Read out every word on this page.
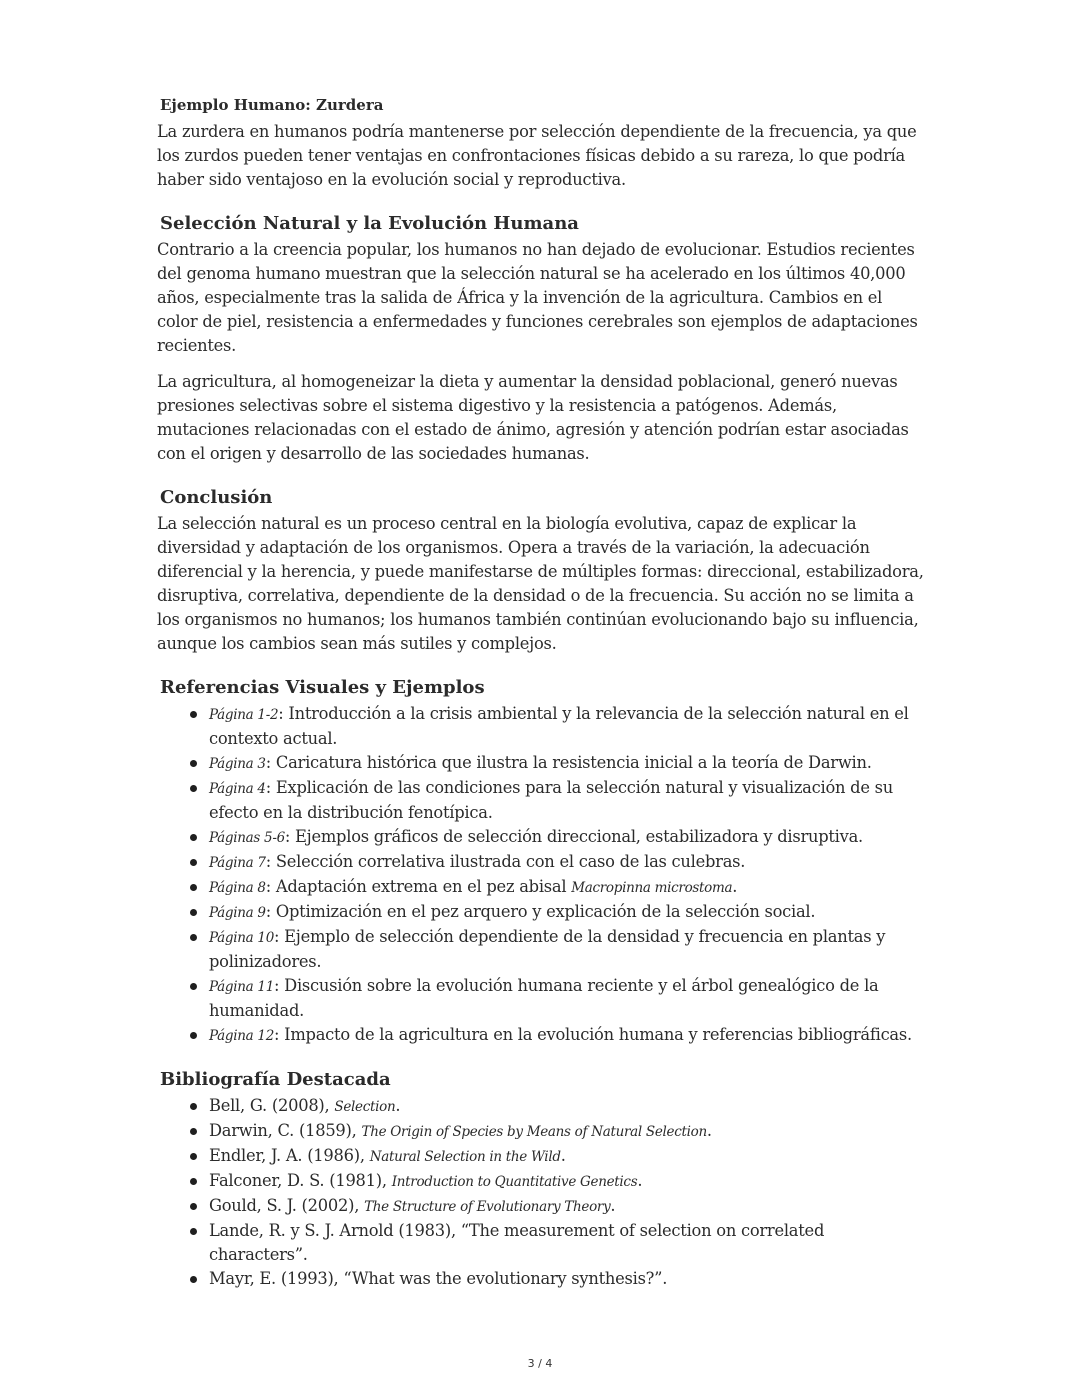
Ejemplo Humano: Zurdera

La zurdera en humanos podría mantenerse por selección dependiente de la frecuencia, ya que los zurdos pueden tener ventajas en confrontaciones físicas debido a su rareza, lo que podría haber sido ventajoso en la evolución social y reproductiva.

Selección Natural y la Evolución Humana

Contrario a la creencia popular, los humanos no han dejado de evolucionar. Estudios recientes del genoma humano muestran que la selección natural se ha acelerado en los últimos 40,000 años, especialmente tras la salida de África y la invención de la agricultura. Cambios en el color de piel, resistencia a enfermedades y funciones cerebrales son ejemplos de adaptaciones recientes.

La agricultura, al homogeneizar la dieta y aumentar la densidad poblacional, generó nuevas presiones selectivas sobre el sistema digestivo y la resistencia a patógenos. Además, mutaciones relacionadas con el estado de ánimo, agresión y atención podrían estar asociadas con el origen y desarrollo de las sociedades humanas.

Conclusión

La selección natural es un proceso central en la biología evolutiva, capaz de explicar la diversidad y adaptación de los organismos. Opera a través de la variación, la adecuación diferencial y la herencia, y puede manifestarse de múltiples formas: direccional, estabilizadora, disruptiva, correlativa, dependiente de la densidad o de la frecuencia. Su acción no se limita a los organismos no humanos; los humanos también continúan evolucionando bajo su influencia, aunque los cambios sean más sutiles y complejos.

Referencias Visuales y Ejemplos
Página 1-2: Introducción a la crisis ambiental y la relevancia de la selección natural en el contexto actual.
Página 3: Caricatura histórica que ilustra la resistencia inicial a la teoría de Darwin.
Página 4: Explicación de las condiciones para la selección natural y visualización de su efecto en la distribución fenotípica.
Páginas 5-6: Ejemplos gráficos de selección direccional, estabilizadora y disruptiva.
Página 7: Selección correlativa ilustrada con el caso de las culebras.
Página 8: Adaptación extrema en el pez abisal Macropinna microstoma.
Página 9: Optimización en el pez arquero y explicación de la selección social.
Página 10: Ejemplo de selección dependiente de la densidad y frecuencia en plantas y polinizadores.
Página 11: Discusión sobre la evolución humana reciente y el árbol genealógico de la humanidad.
Página 12: Impacto de la agricultura en la evolución humana y referencias bibliográficas.
Bibliografía Destacada
Bell, G. (2008), Selection.
Darwin, C. (1859), The Origin of Species by Means of Natural Selection.
Endler, J. A. (1986), Natural Selection in the Wild.
Falconer, D. S. (1981), Introduction to Quantitative Genetics.
Gould, S. J. (2002), The Structure of Evolutionary Theory.
Lande, R. y S. J. Arnold (1983), “The measurement of selection on correlated characters”.
Mayr, E. (1993), “What was the evolutionary synthesis?”.
3 / 4
